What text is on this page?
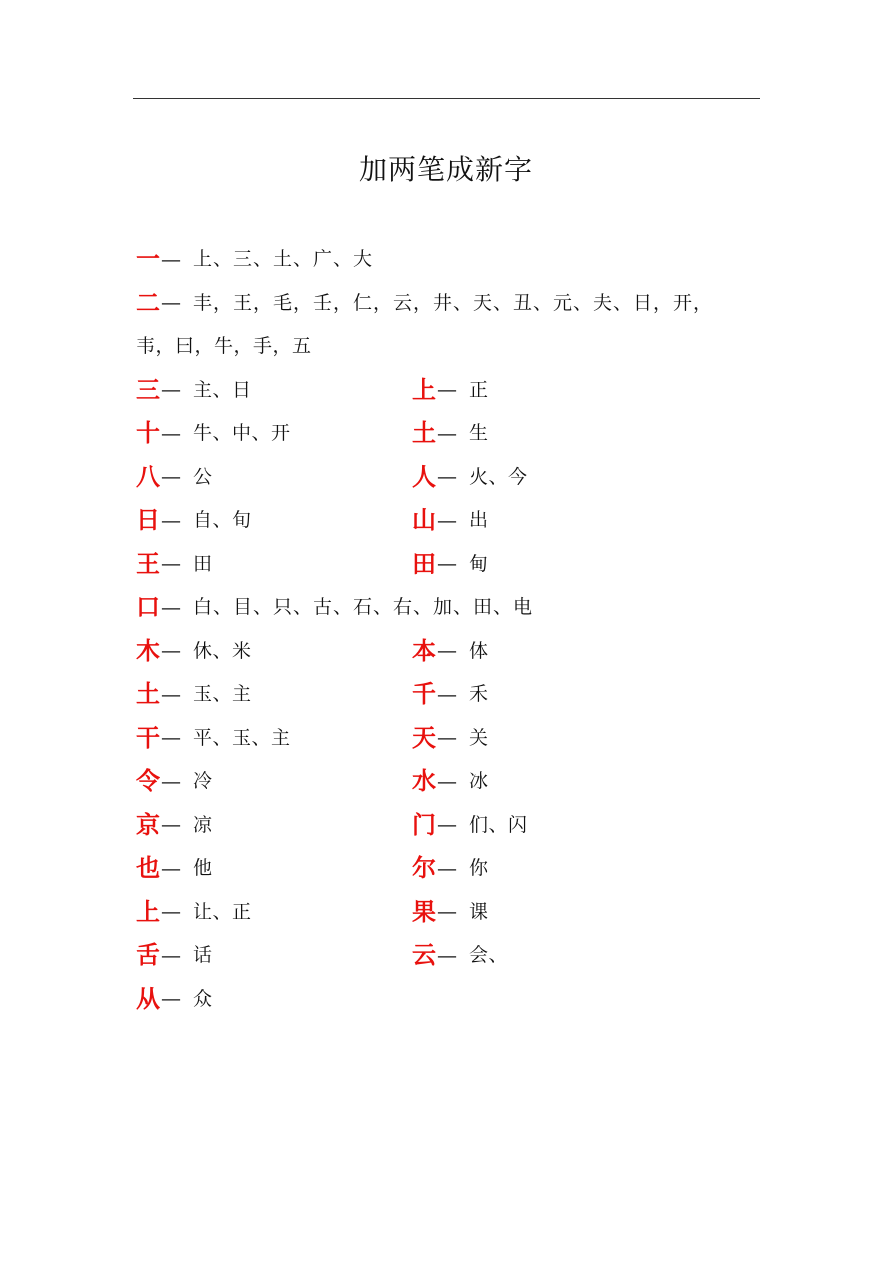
加两笔成新字
一— 上、三、土、广、大
二— 丰，王，毛，壬，仁，云，井、天、丑、元、夫、日，开，
韦，曰，牛，手，五
三— 主、日	上— 正
十— 牛、中、开	土— 生
八— 公	人— 火、今
日— 自、旬	山— 出
王— 田	田— 甸
口— 白、目、只、古、石、右、加、田、电
木— 休、米	本— 体
土— 玉、主	千— 禾
干— 平、玉、主	天— 关
令— 冷	水— 冰
京— 凉	门— 们、闪
也— 他	尔— 你
上— 让、正	果— 课
舌— 话	云— 会、
从— 众
